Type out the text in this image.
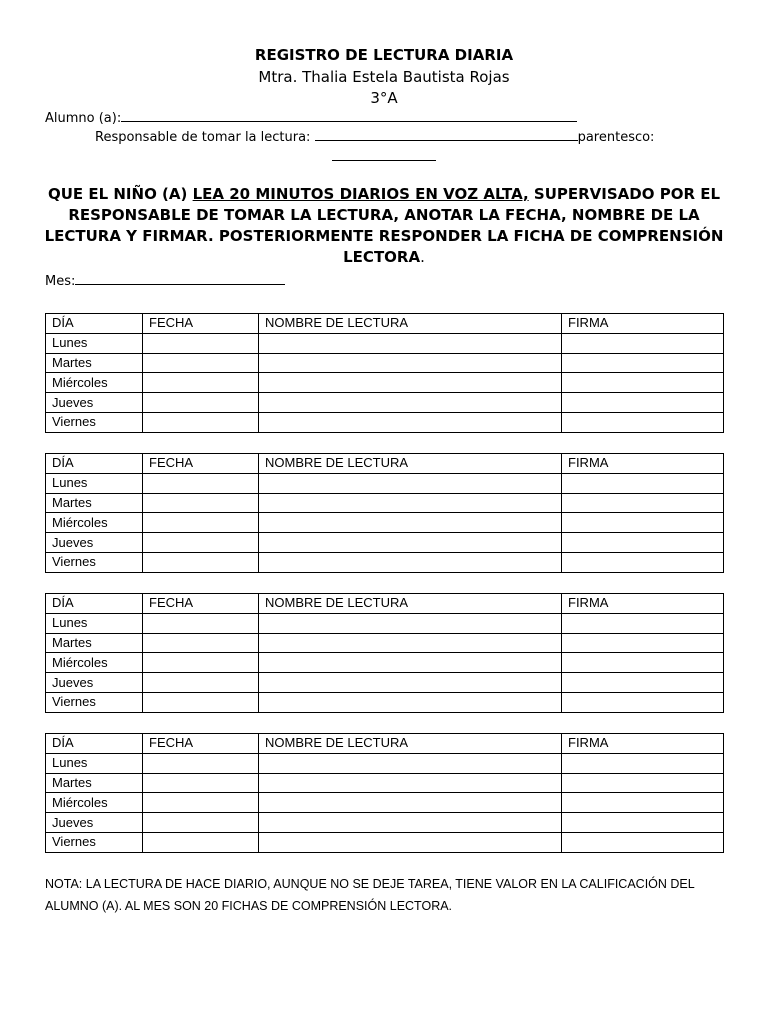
REGISTRO DE LECTURA DIARIA
Mtra. Thalia Estela Bautista Rojas
3°A
Alumno (a):
Responsable de tomar la lectura:	parentesco:
QUE EL NIÑO (A) LEA 20 MINUTOS DIARIOS EN VOZ ALTA, SUPERVISADO POR EL RESPONSABLE DE TOMAR LA LECTURA, ANOTAR LA FECHA, NOMBRE DE LA LECTURA Y FIRMAR. POSTERIORMENTE RESPONDER LA FICHA DE COMPRENSIÓN LECTORA.
Mes:
DÍA	FECHA	NOMBRE DE LECTURA	FIRMA
Lunes			
Martes			
Miércoles			
Jueves			
Viernes			
DÍA	FECHA	NOMBRE DE LECTURA	FIRMA
Lunes			
Martes			
Miércoles			
Jueves			
Viernes			
DÍA	FECHA	NOMBRE DE LECTURA	FIRMA
Lunes			
Martes			
Miércoles			
Jueves			
Viernes			
DÍA	FECHA	NOMBRE DE LECTURA	FIRMA
Lunes			
Martes			
Miércoles			
Jueves			
Viernes			
NOTA: LA LECTURA DE HACE DIARIO, AUNQUE NO SE DEJE TAREA, TIENE VALOR EN LA CALIFICACIÓN DEL ALUMNO (A). AL MES SON 20 FICHAS DE COMPRENSIÓN LECTORA.
